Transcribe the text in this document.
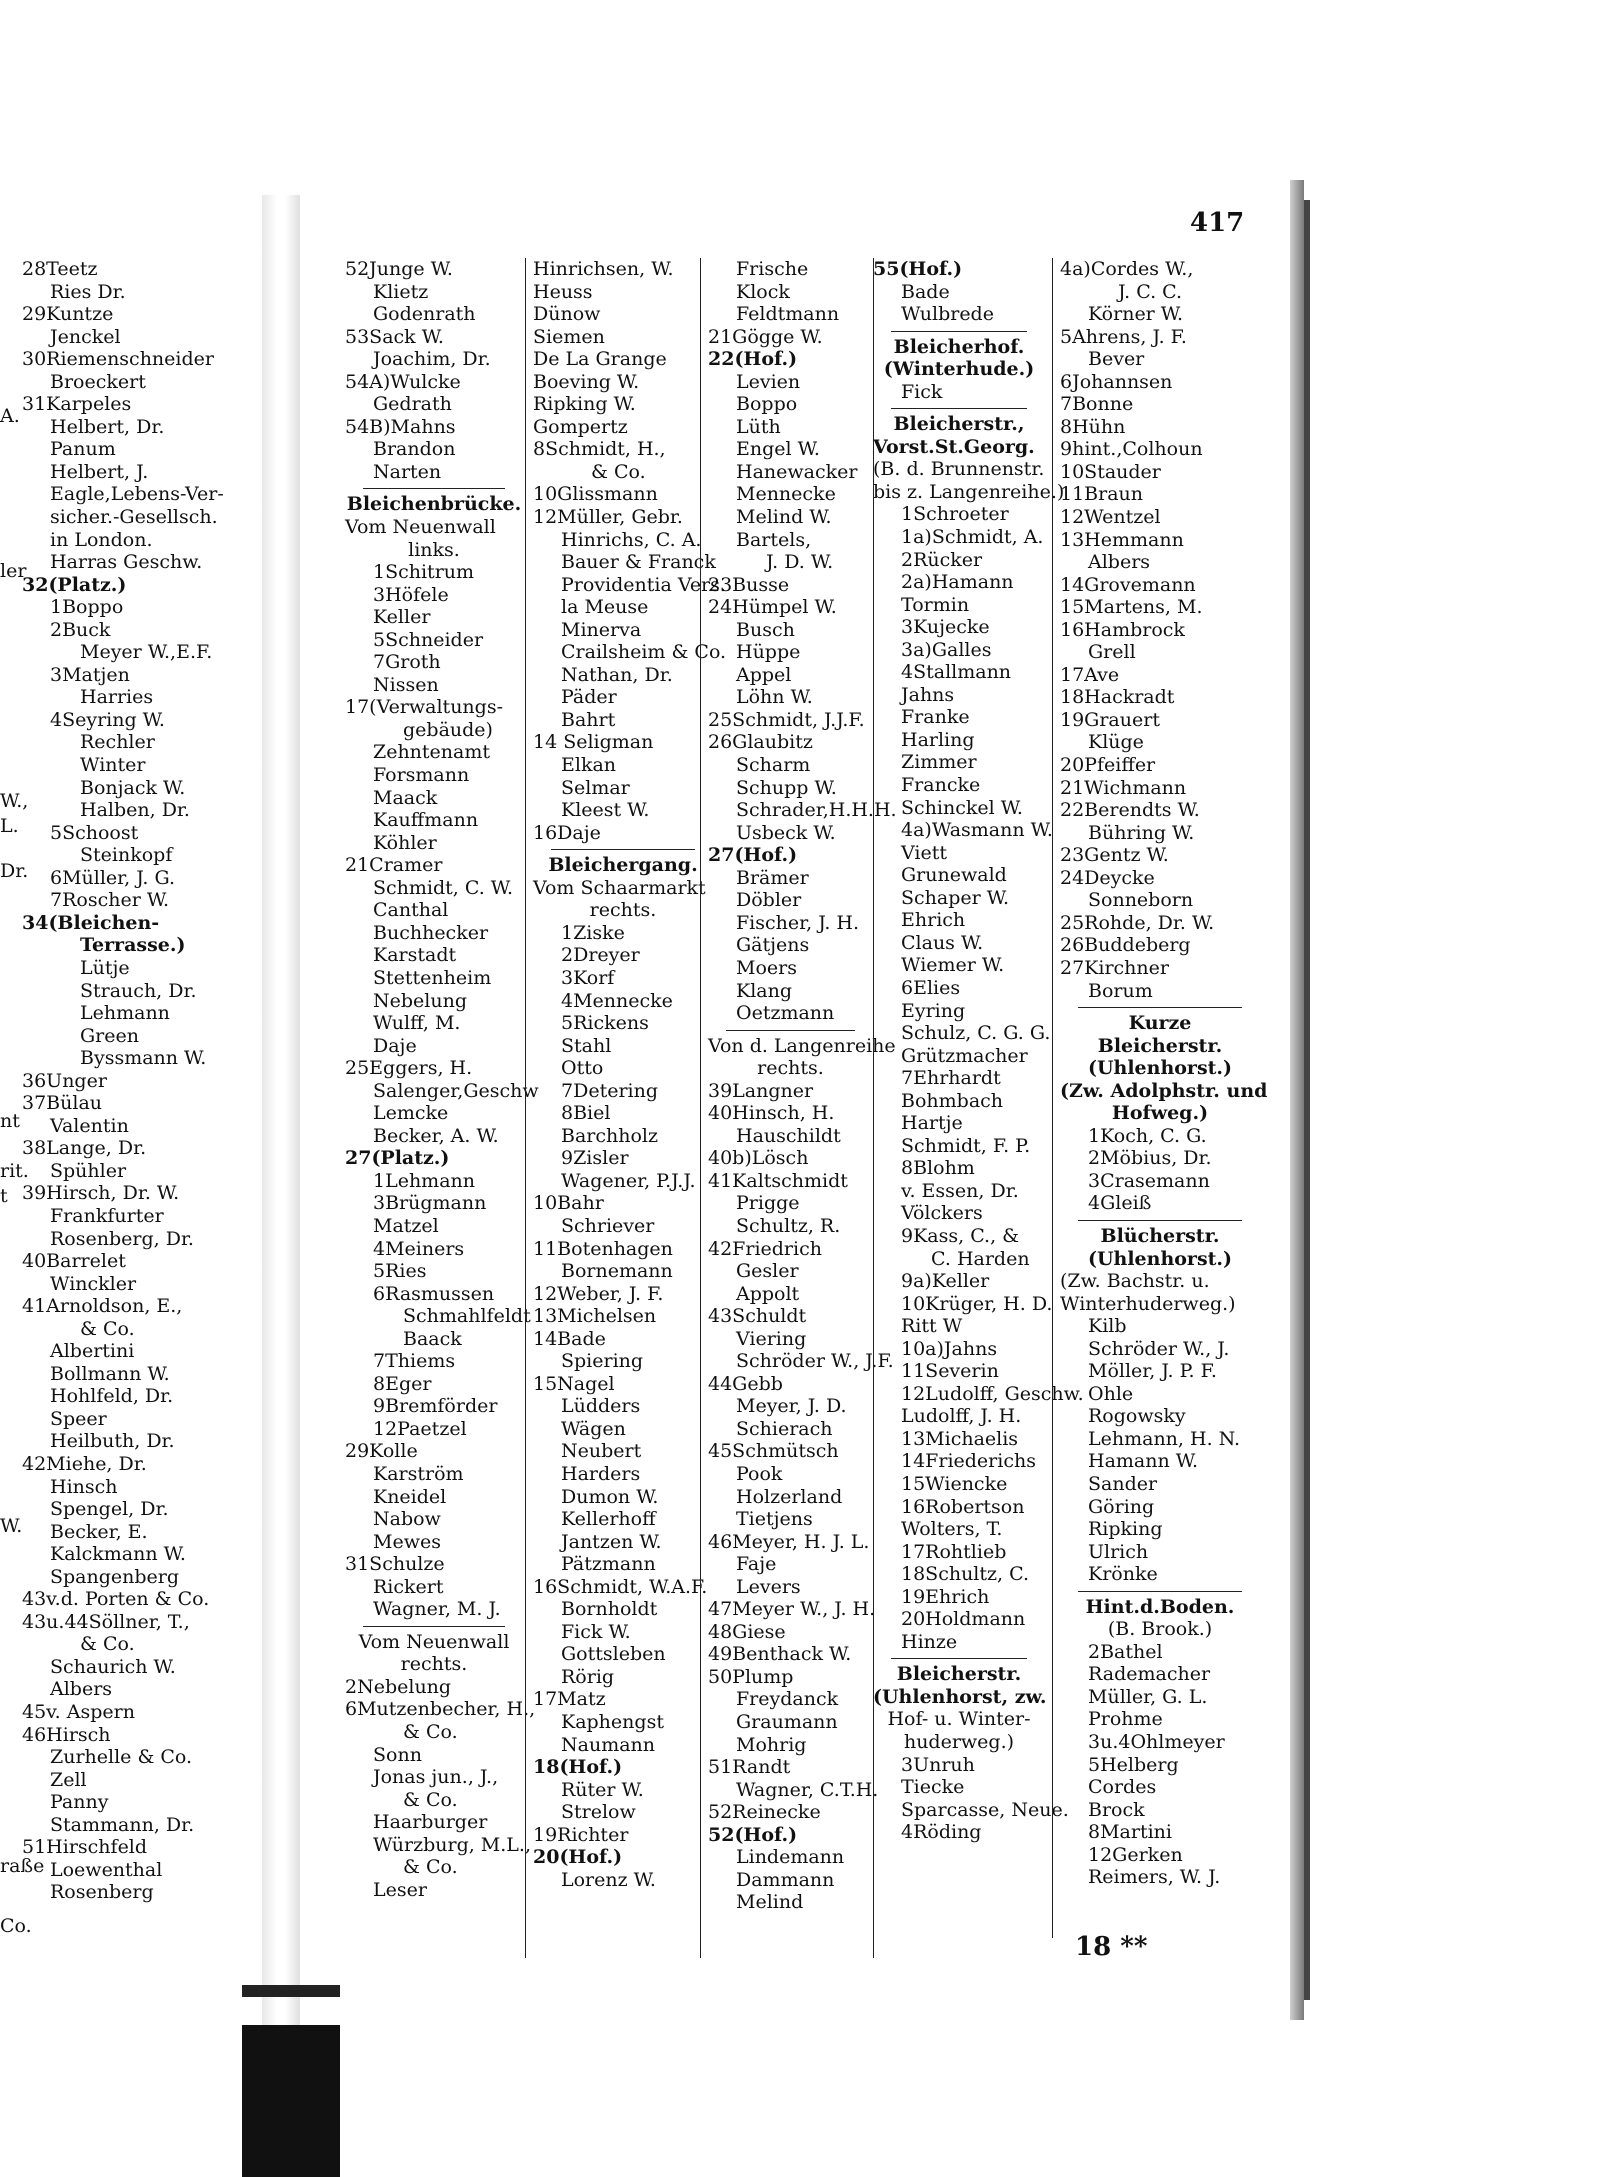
417
A.
ler
W.,
L.
Dr.
nt
rit.
t
W.
raße
Co.
28Teetz
Ries Dr.
29Kuntze
Jenckel
30Riemenschneider
Broeckert
31Karpeles
Helbert, Dr.
Panum
Helbert, J.
Eagle,Lebens-Ver-
sicher.-Gesellsch.
in London.
Harras Geschw.
32(Platz.)
1Boppo
2Buck
Meyer W.,E.F.
3Matjen
Harries
4Seyring W.
Rechler
Winter
Bonjack W.
Halben, Dr.
5Schoost
Steinkopf
6Müller, J. G.
7Roscher W.
34(Bleichen-
Terrasse.)
Lütje
Strauch, Dr.
Lehmann
Green
Byssmann W.
36Unger
37Bülau
Valentin
38Lange, Dr.
Spühler
39Hirsch, Dr. W.
Frankfurter
Rosenberg, Dr.
40Barrelet
Winckler
41Arnoldson, E.,
& Co.
Albertini
Bollmann W.
Hohlfeld, Dr.
Speer
Heilbuth, Dr.
42Miehe, Dr.
Hinsch
Spengel, Dr.
Becker, E.
Kalckmann W.
Spangenberg
43v.d. Porten & Co.
43u.44Söllner, T.,
& Co.
Schaurich W.
Albers
45v. Aspern
46Hirsch
Zurhelle & Co.
Zell
Panny
Stammann, Dr.
51Hirschfeld
Loewenthal
Rosenberg
52Junge W.
Klietz
Godenrath
53Sack W.
Joachim, Dr.
54A)Wulcke
Gedrath
54B)Mahns
Brandon
Narten
Bleichenbrücke.
Vom Neuenwall
links.
1Schitrum
3Höfele
Keller
5Schneider
7Groth
Nissen
17(Verwaltungs-
gebäude)
Zehntenamt
Forsmann
Maack
Kauffmann
Köhler
21Cramer
Schmidt, C. W.
Canthal
Buchhecker
Karstadt
Stettenheim
Nebelung
Wulff, M.
Daje
25Eggers, H.
Salenger,Geschw
Lemcke
Becker, A. W.
27(Platz.)
1Lehmann
3Brügmann
Matzel
4Meiners
5Ries
6Rasmussen
Schmahlfeldt
Baack
7Thiems
8Eger
9Bremförder
12Paetzel
29Kolle
Karström
Kneidel
Nabow
Mewes
31Schulze
Rickert
Wagner, M. J.
Vom Neuenwall
rechts.
2Nebelung
6Mutzenbecher, H.,
& Co.
Sonn
Jonas jun., J.,
& Co.
Haarburger
Würzburg, M.L.,
& Co.
Leser
Hinrichsen, W.
Heuss
Dünow
Siemen
De La Grange
Boeving W.
Ripking W.
Gompertz
8Schmidt, H.,
& Co.
10Glissmann
12Müller, Gebr.
Hinrichs, C. A.
Bauer & Franck
Providentia Vers.
la Meuse
Minerva
Crailsheim & Co.
Nathan, Dr.
Päder
Bahrt
14 Seligman
Elkan
Selmar
Kleest W.
16Daje
Bleichergang.
Vom Schaarmarkt
rechts.
1Ziske
2Dreyer
3Korf
4Mennecke
5Rickens
Stahl
Otto
7Detering
8Biel
Barchholz
9Zisler
Wagener, P.J.J.
10Bahr
Schriever
11Botenhagen
Bornemann
12Weber, J. F.
13Michelsen
14Bade
Spiering
15Nagel
Lüdders
Wägen
Neubert
Harders
Dumon W.
Kellerhoff
Jantzen W.
Pätzmann
16Schmidt, W.A.F.
Bornholdt
Fick W.
Gottsleben
Rörig
17Matz
Kaphengst
Naumann
18(Hof.)
Rüter W.
Strelow
19Richter
20(Hof.)
Lorenz W.
Frische
Klock
Feldtmann
21Gögge W.
22(Hof.)
Levien
Boppo
Lüth
Engel W.
Hanewacker
Mennecke
Melind W.
Bartels,
J. D. W.
23Busse
24Hümpel W.
Busch
Hüppe
Appel
Löhn W.
25Schmidt, J.J.F.
26Glaubitz
Scharm
Schupp W.
Schrader,H.H.H.
Usbeck W.
27(Hof.)
Brämer
Döbler
Fischer, J. H.
Gätjens
Moers
Klang
Oetzmann
Von d. Langenreihe
rechts.
39Langner
40Hinsch, H.
Hauschildt
40b)Lösch
41Kaltschmidt
Prigge
Schultz, R.
42Friedrich
Gesler
Appolt
43Schuldt
Viering
Schröder W., J.F.
44Gebb
Meyer, J. D.
Schierach
45Schmütsch
Pook
Holzerland
Tietjens
46Meyer, H. J. L.
Faje
Levers
47Meyer W., J. H.
48Giese
49Benthack W.
50Plump
Freydanck
Graumann
Mohrig
51Randt
Wagner, C.T.H.
52Reinecke
52(Hof.)
Lindemann
Dammann
Melind
55(Hof.)
Bade
Wulbrede
Bleicherhof.
(Winterhude.)
Fick
Bleicherstr.,
Vorst.St.Georg.
(B. d. Brunnenstr.
bis z. Langenreihe.)
1Schroeter
1a)Schmidt, A.
2Rücker
2a)Hamann
Tormin
3Kujecke
3a)Galles
4Stallmann
Jahns
Franke
Harling
Zimmer
Francke
Schinckel W.
4a)Wasmann W.
Viett
Grunewald
Schaper W.
Ehrich
Claus W.
Wiemer W.
6Elies
Eyring
Schulz, C. G. G.
Grützmacher
7Ehrhardt
Bohmbach
Hartje
Schmidt, F. P.
8Blohm
v. Essen, Dr.
Völckers
9Kass, C., &
C. Harden
9a)Keller
10Krüger, H. D.
Ritt W
10a)Jahns
11Severin
12Ludolff, Geschw.
Ludolff, J. H.
13Michaelis
14Friederichs
15Wiencke
16Robertson
Wolters, T.
17Rohtlieb
18Schultz, C.
19Ehrich
20Holdmann
Hinze
Bleicherstr.
(Uhlenhorst, zw.
Hof- u. Winter-
huderweg.)
3Unruh
Tiecke
Sparcasse, Neue.
4Röding
4a)Cordes W.,
J. C. C.
Körner W.
5Ahrens, J. F.
Bever
6Johannsen
7Bonne
8Hühn
9hint.,Colhoun
10Stauder
11Braun
12Wentzel
13Hemmann
Albers
14Grovemann
15Martens, M.
16Hambrock
Grell
17Ave
18Hackradt
19Grauert
Klüge
20Pfeiffer
21Wichmann
22Berendts W.
Bühring W.
23Gentz W.
24Deycke
Sonneborn
25Rohde, Dr. W.
26Buddeberg
27Kirchner
Borum
Kurze
Bleicherstr.
(Uhlenhorst.)
(Zw. Adolphstr. und
Hofweg.)
1Koch, C. G.
2Möbius, Dr.
3Crasemann
4Gleiß
Blücherstr.
(Uhlenhorst.)
(Zw. Bachstr. u.
Winterhuderweg.)
Kilb
Schröder W., J.
Möller, J. P. F.
Ohle
Rogowsky
Lehmann, H. N.
Hamann W.
Sander
Göring
Ripking
Ulrich
Krönke
Hint.d.Boden.
(B. Brook.)
2Bathel
Rademacher
Müller, G. L.
Prohme
3u.4Ohlmeyer
5Helberg
Cordes
Brock
8Martini
12Gerken
Reimers, W. J.
18 **
